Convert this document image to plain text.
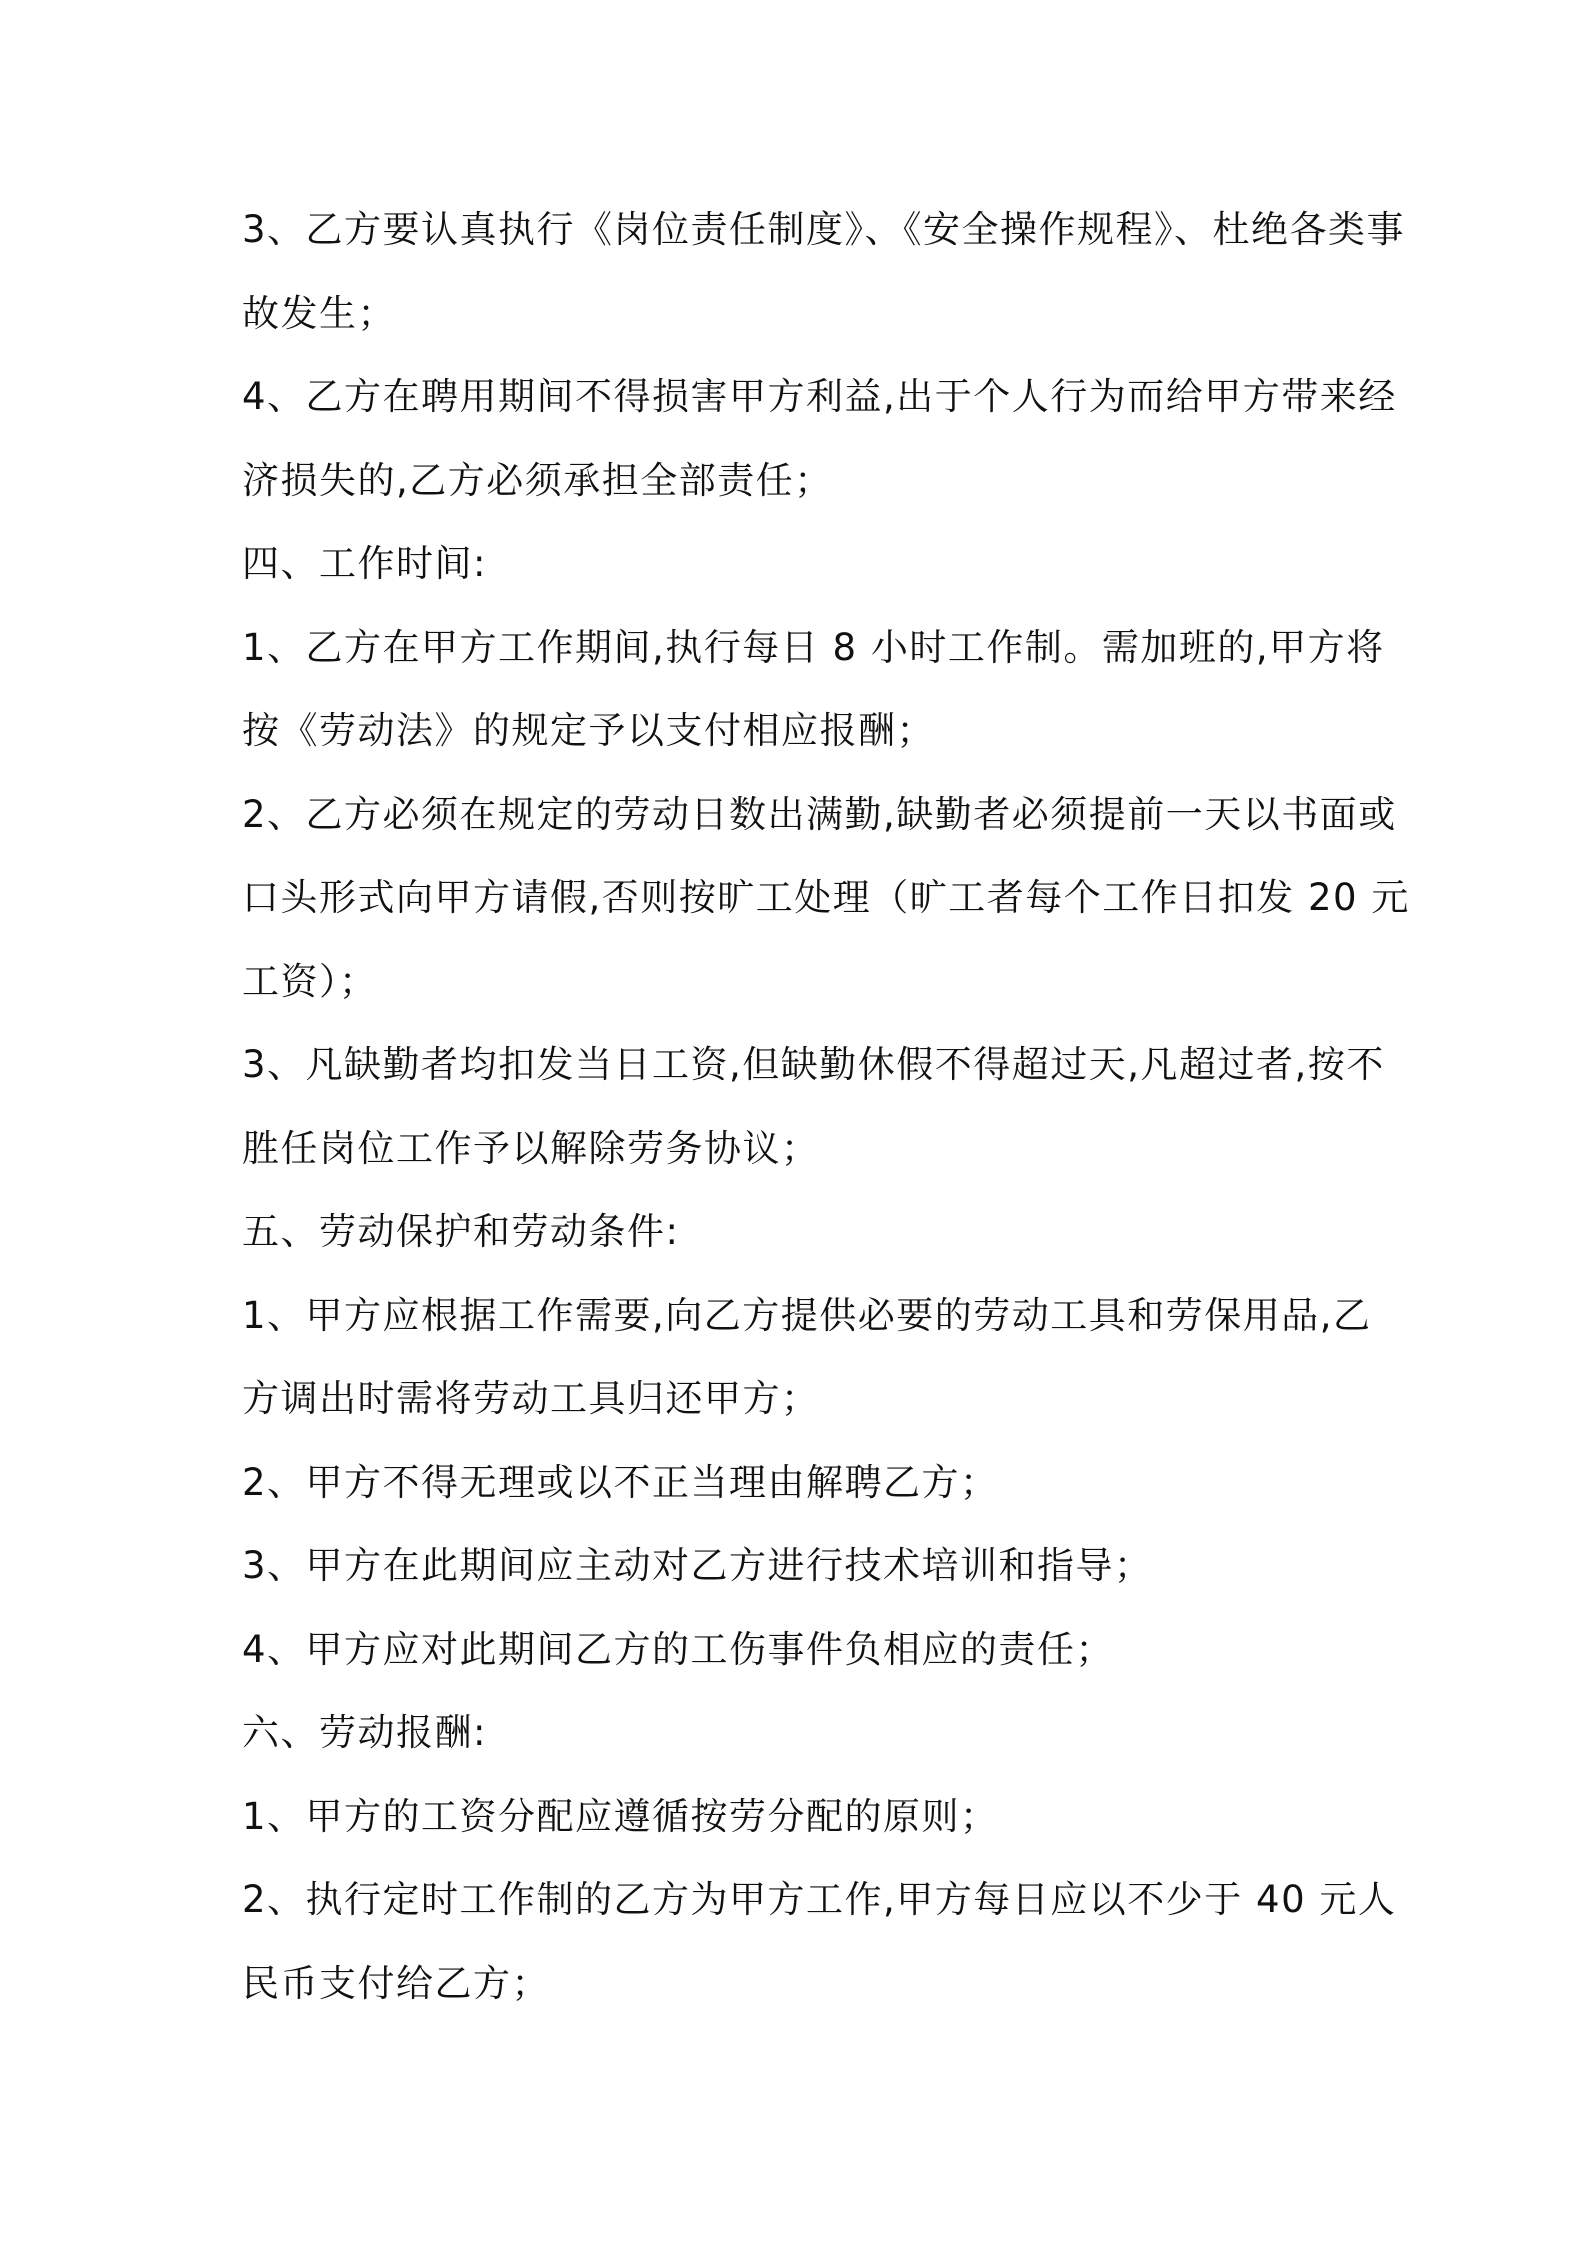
3、乙方要认真执行《岗位责任制度》、《安全操作规程》、杜绝各类事
故发生；
4、乙方在聘用期间不得损害甲方利益,出于个人行为而给甲方带来经
济损失的,乙方必须承担全部责任；
四、工作时间:
1、乙方在甲方工作期间,执行每日 8 小时工作制。需加班的,甲方将
按《劳动法》的规定予以支付相应报酬；
2、乙方必须在规定的劳动日数出满勤,缺勤者必须提前一天以书面或
口头形式向甲方请假,否则按旷工处理（旷工者每个工作日扣发 20 元
工资）；
3、凡缺勤者均扣发当日工资,但缺勤休假不得超过天,凡超过者,按不
胜任岗位工作予以解除劳务协议；
五、劳动保护和劳动条件:
1、甲方应根据工作需要,向乙方提供必要的劳动工具和劳保用品,乙
方调出时需将劳动工具归还甲方；
2、甲方不得无理或以不正当理由解聘乙方；
3、甲方在此期间应主动对乙方进行技术培训和指导；
4、甲方应对此期间乙方的工伤事件负相应的责任；
六、劳动报酬:
1、甲方的工资分配应遵循按劳分配的原则；
2、执行定时工作制的乙方为甲方工作,甲方每日应以不少于 40 元人
民币支付给乙方；
